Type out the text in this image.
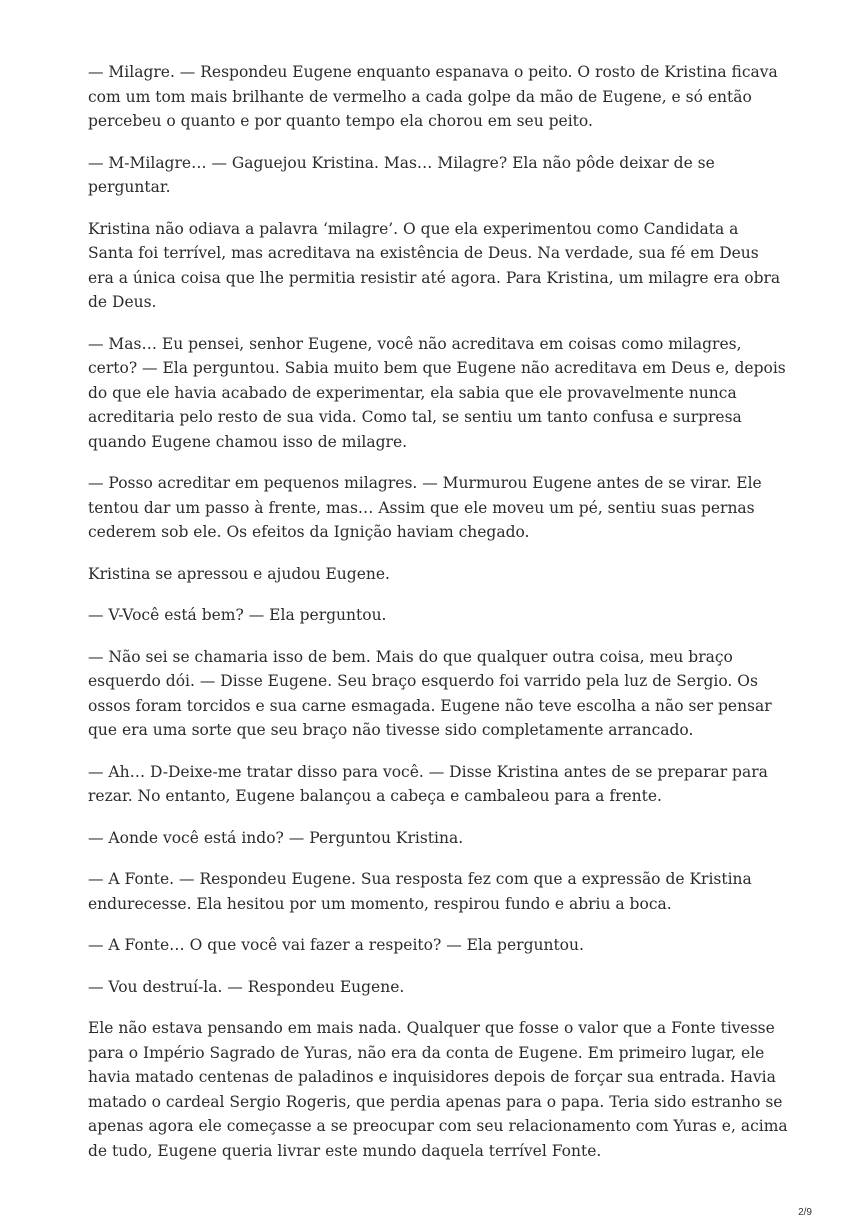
— Milagre. — Respondeu Eugene enquanto espanava o peito. O rosto de Kristina ficava com um tom mais brilhante de vermelho a cada golpe da mão de Eugene, e só então percebeu o quanto e por quanto tempo ela chorou em seu peito.

— M-Milagre… — Gaguejou Kristina. Mas… Milagre? Ela não pôde deixar de se perguntar.

Kristina não odiava a palavra ‘milagre’. O que ela experimentou como Candidata a Santa foi terrível, mas acreditava na existência de Deus. Na verdade, sua fé em Deus era a única coisa que lhe permitia resistir até agora. Para Kristina, um milagre era obra de Deus.

— Mas… Eu pensei, senhor Eugene, você não acreditava em coisas como milagres, certo? — Ela perguntou. Sabia muito bem que Eugene não acreditava em Deus e, depois do que ele havia acabado de experimentar, ela sabia que ele provavelmente nunca acreditaria pelo resto de sua vida. Como tal, se sentiu um tanto confusa e surpresa quando Eugene chamou isso de milagre.

— Posso acreditar em pequenos milagres. — Murmurou Eugene antes de se virar. Ele tentou dar um passo à frente, mas… Assim que ele moveu um pé, sentiu suas pernas cederem sob ele. Os efeitos da Ignição haviam chegado.

Kristina se apressou e ajudou Eugene.

— V-Você está bem? — Ela perguntou.

— Não sei se chamaria isso de bem. Mais do que qualquer outra coisa, meu braço esquerdo dói. — Disse Eugene. Seu braço esquerdo foi varrido pela luz de Sergio. Os ossos foram torcidos e sua carne esmagada. Eugene não teve escolha a não ser pensar que era uma sorte que seu braço não tivesse sido completamente arrancado.

— Ah… D-Deixe-me tratar disso para você. — Disse Kristina antes de se preparar para rezar. No entanto, Eugene balançou a cabeça e cambaleou para a frente.

— Aonde você está indo? — Perguntou Kristina.

— A Fonte. — Respondeu Eugene. Sua resposta fez com que a expressão de Kristina endurecesse. Ela hesitou por um momento, respirou fundo e abriu a boca.

— A Fonte… O que você vai fazer a respeito? — Ela perguntou.

— Vou destruí-la. — Respondeu Eugene.

Ele não estava pensando em mais nada. Qualquer que fosse o valor que a Fonte tivesse para o Império Sagrado de Yuras, não era da conta de Eugene. Em primeiro lugar, ele havia matado centenas de paladinos e inquisidores depois de forçar sua entrada. Havia matado o cardeal Sergio Rogeris, que perdia apenas para o papa. Teria sido estranho se apenas agora ele começasse a se preocupar com seu relacionamento com Yuras e, acima de tudo, Eugene queria livrar este mundo daquela terrível Fonte.

2/9
